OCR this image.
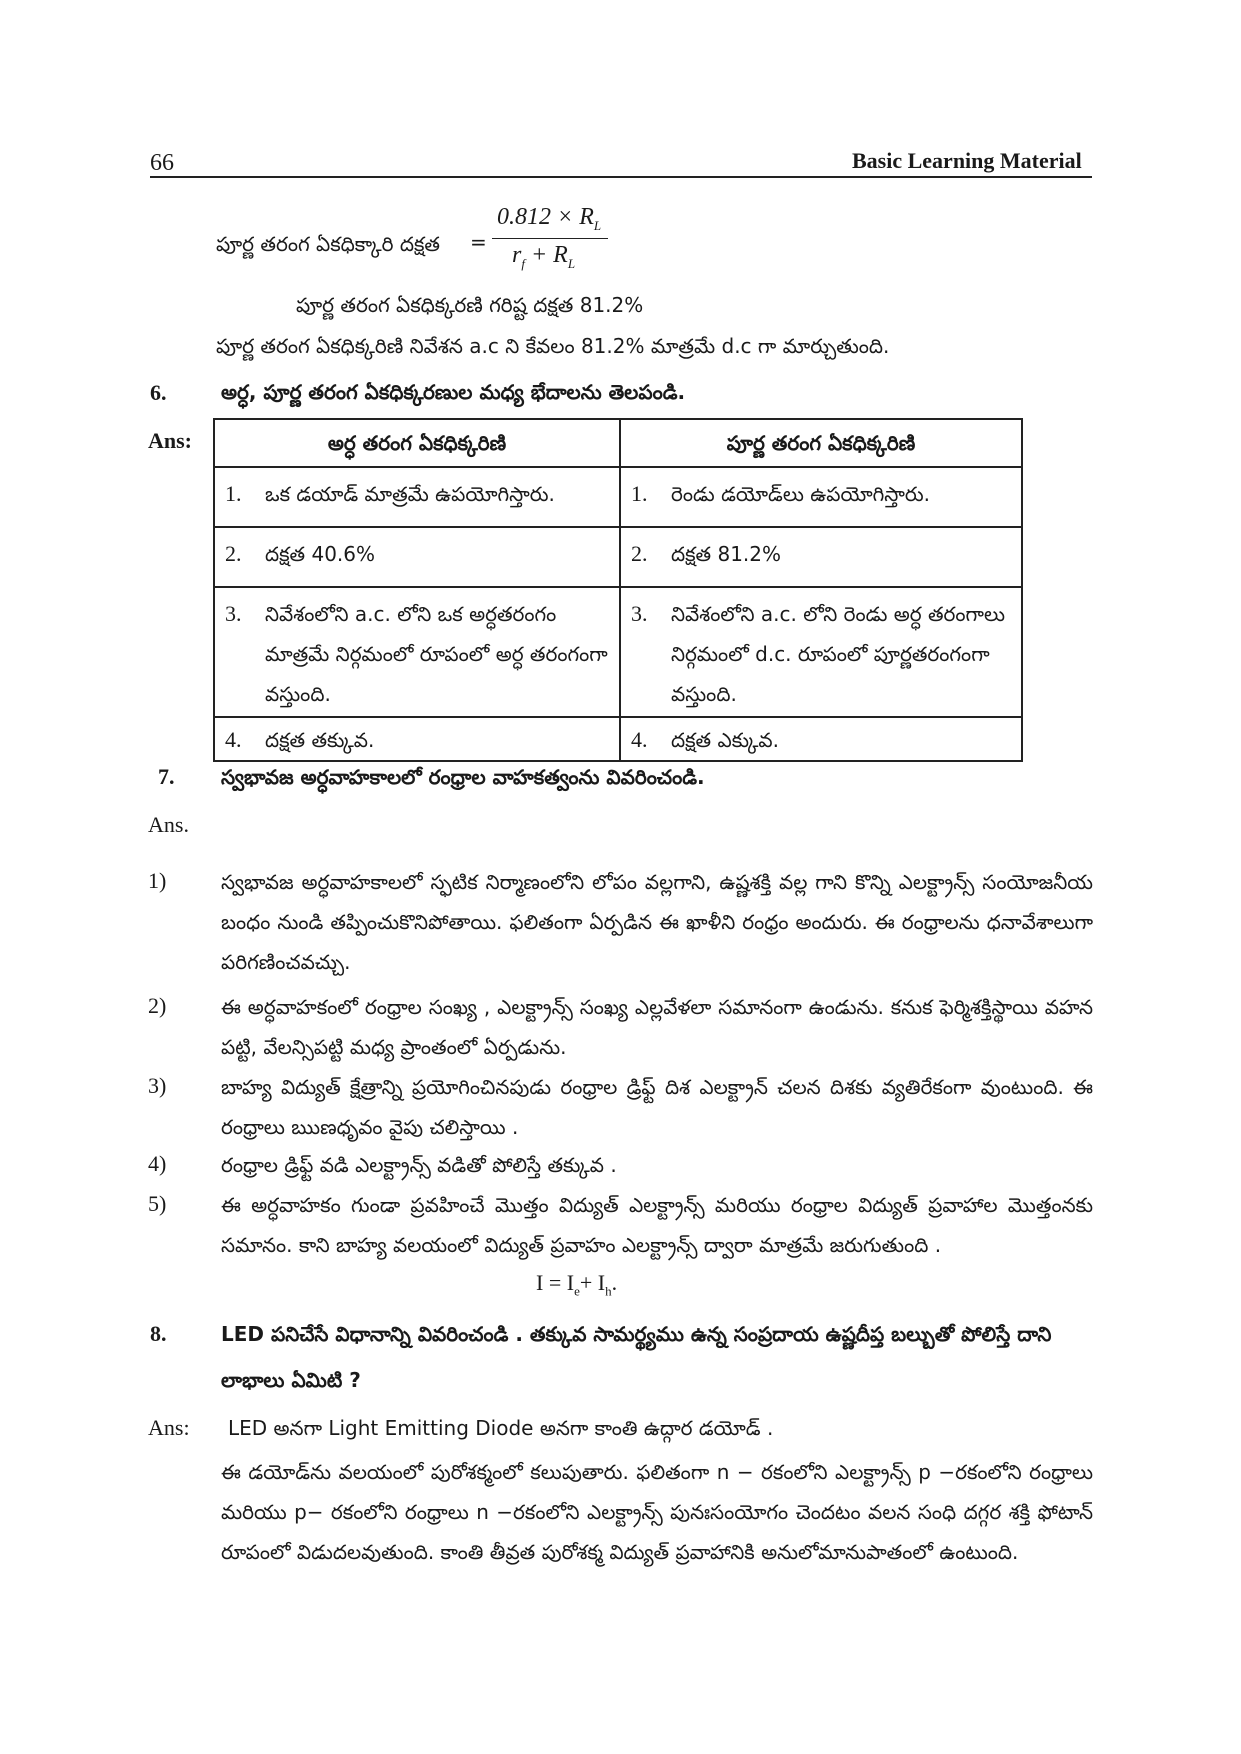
66	Basic Learning Material
పూర్ణ తరంగ ఏకధిక్కారి దక్షత =
$0.812 \times R_L$
$r_f + R_L$
పూర్ణ తరంగ ఏకధిక్కరణి గరిష్ట దక్షత 81.2%
పూర్ణ తరంగ ఏకధిక్కరిణి నివేశన a.c ని కేవలం 81.2% మాత్రమే d.c గా మార్చుతుంది.
6.	అర్ధ, పూర్ణ తరంగ ఏకధిక్కరణుల మధ్య భేదాలను తెలపండి.
Ans:	అర్ధ తరంగ ఏకధిక్కరిణి	పూర్ణ తరంగ ఏకధిక్కరిణి

1. ఒక డయాడ్ మాత్రమే ఉపయోగిస్తారు.	1. రెండు డయోడ్‌లు ఉపయోగిస్తారు.

2. దక్షత 40.6%	2. దక్షత 81.2%

3. నివేశంలోని a.c. లోని ఒక అర్ధతరంగం మాత్రమే నిర్గమంలో రూపంలో అర్ధ తరంగంగా వస్తుంది.	3. నివేశంలోని a.c. లోని రెండు అర్ధ తరంగాలు నిర్గమంలో d.c. రూపంలో పూర్ణతరంగంగా వస్తుంది.

4. దక్షత తక్కువ.	4. దక్షత ఎక్కువ.
7. స్వభావజ అర్ధవాహకాలలో రంధ్రాల వాహకత్వంను వివరించండి.
Ans.
1)	స్వభావజ అర్ధవాహకాలలో స్ఫటిక నిర్మాణంలోని లోపం వల్లగాని, ఉష్ణశక్తి వల్ల గాని కొన్ని ఎలక్ట్రాన్స్ సంయోజనీయ బంధం నుండి తప్పించుకొనిపోతాయి. ఫలితంగా ఏర్పడిన ఈ ఖాళీని రంధ్రం అందురు. ఈ రంధ్రాలను ధనావేశాలుగా పరిగణించవచ్చు.
2)	ఈ అర్ధవాహకంలో రంధ్రాల సంఖ్య , ఎలక్ట్రాన్స్ సంఖ్య ఎల్లవేళలా సమానంగా ఉండును. కనుక ఫెర్మిశక్తిస్థాయి వహన పట్టి, వేలన్సిపట్టి మధ్య ప్రాంతంలో ఏర్పడును.
3)	బాహ్య విద్యుత్ క్షేత్రాన్ని ప్రయోగించినపుడు రంధ్రాల డ్రిఫ్ట్ దిశ ఎలక్ట్రాన్ చలన దిశకు వ్యతిరేకంగా వుంటుంది. ఈ రంధ్రాలు ఋణధృవం వైపు చలిస్తాయి .
4)	రంధ్రాల డ్రిఫ్ట్ వడి ఎలక్ట్రాన్స్ వడితో పోలిస్తే తక్కువ .
5)	ఈ అర్ధవాహకం గుండా ప్రవహించే మొత్తం విద్యుత్ ఎలక్ట్రాన్స్ మరియు రంధ్రాల విద్యుత్ ప్రవాహాల మొత్తంనకు సమానం. కాని బాహ్య వలయంలో విద్యుత్ ప్రవాహం ఎలక్ట్రాన్స్ ద్వారా మాత్రమే జరుగుతుంది .
$I = I_e+ I_h$.
8.	LED పనిచేసే విధానాన్ని వివరించండి . తక్కువ సామర్థ్యము ఉన్న సంప్రదాయ ఉష్ణదీప్త బల్బుతో పోలిస్తే దాని
లాభాలు ఏమిటి ?
Ans: LED అనగా Light Emitting Diode అనగా కాంతి ఉద్గార డయోడ్ .
ఈ డయోడ్‌ను వలయంలో పురోశక్మంలో కలుపుతారు. ఫలితంగా n − రకంలోని ఎలక్ట్రాన్స్ p −రకంలోని రంధ్రాలు మరియు p− రకంలోని రంధ్రాలు n −రకంలోని ఎలక్ట్రాన్స్ పునఃసంయోగం చెందటం వలన సంధి దగ్గర శక్తి ఫోటాన్ రూపంలో విడుదలవుతుంది. కాంతి తీవ్రత పురోశక్మ విద్యుత్ ప్రవాహానికి అనులోమానుపాతంలో ఉంటుంది.
